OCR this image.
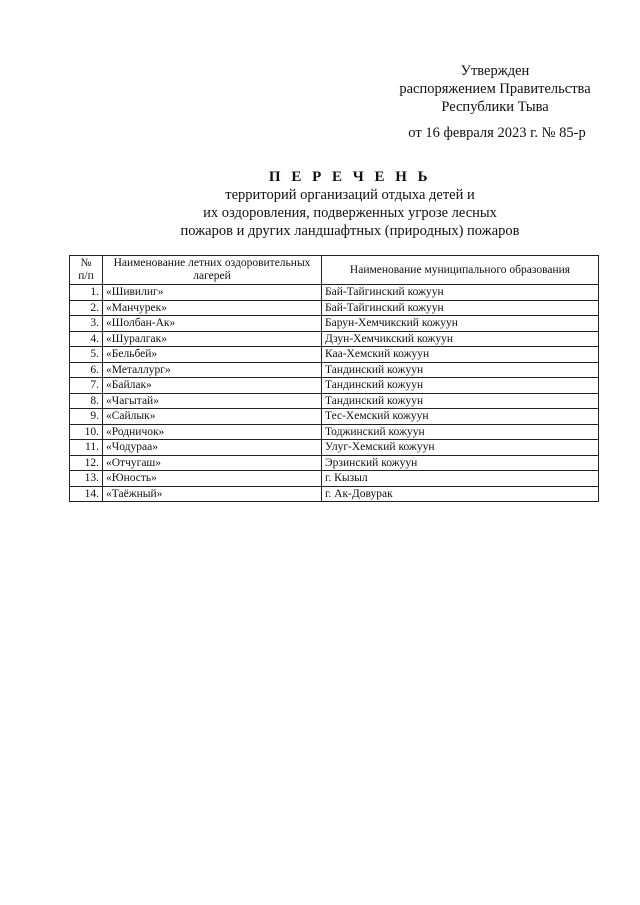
Утвержден
распоряжением Правительства
Республики Тыва
от 16 февраля 2023 г. № 85-р
П Е Р Е Ч Е Н Ь
территорий организаций отдыха детей и
их оздоровления, подверженных угрозе лесных
пожаров и других ландшафтных (природных) пожаров
№
п/п	Наименование летних оздоровительных лагерей	Наименование муниципального образования
1.	«Шивилиг»	Бай-Тайгинский кожуун
2.	«Манчурек»	Бай-Тайгинский кожуун
3.	«Шолбан-Ак»	Барун-Хемчикский кожуун
4.	«Шуралгак»	Дзун-Хемчикский кожуун
5.	«Бельбей»	Каа-Хемский кожуун
6.	«Металлург»	Тандинский кожуун
7.	«Байлак»	Тандинский кожуун
8.	«Чагытай»	Тандинский кожуун
9.	«Сайлык»	Тес-Хемский кожуун
10.	«Родничок»	Тоджинский кожуун
11.	«Чодураа»	Улуг-Хемский кожуун
12.	«Отчугаш»	Эрзинский кожуун
13.	«Юность»	г. Кызыл
14.	«Таёжный»	г. Ак-Довурак
